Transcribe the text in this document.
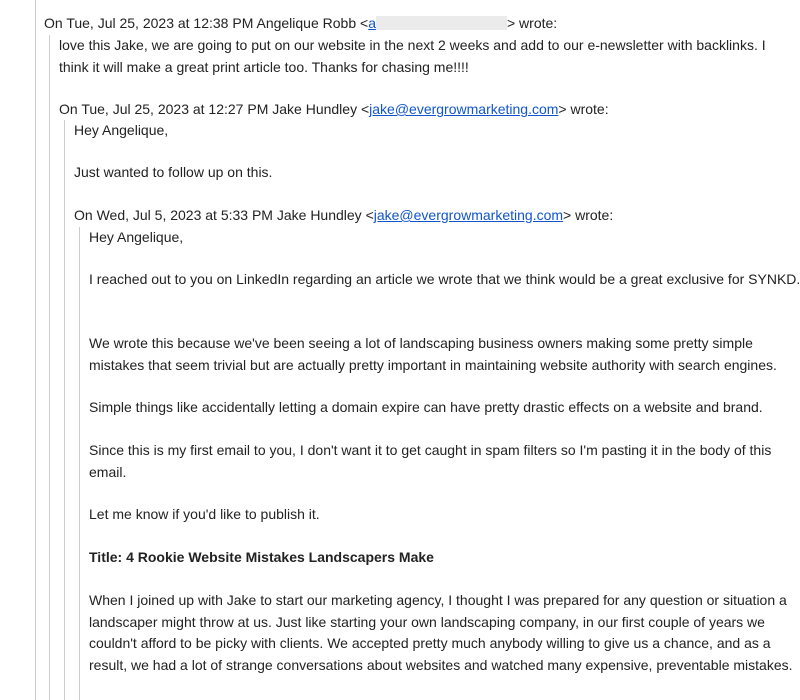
On Tue, Jul 25, 2023 at 12:38 PM Angelique Robb <a	> wrote:

love this Jake, we are going to put on our website in the next 2 weeks and add to our e-newsletter with backlinks. I think it will make a great print article too. Thanks for chasing me!!!!

On Tue, Jul 25, 2023 at 12:27 PM Jake Hundley <jake@evergrowmarketing.com> wrote:

Hey Angelique,

Just wanted to follow up on this.

On Wed, Jul 5, 2023 at 5:33 PM Jake Hundley <jake@evergrowmarketing.com> wrote:

Hey Angelique,

I reached out to you on LinkedIn regarding an article we wrote that we think would be a great exclusive for SYNKD.

We wrote this because we've been seeing a lot of landscaping business owners making some pretty simple mistakes that seem trivial but are actually pretty important in maintaining website authority with search engines.

Simple things like accidentally letting a domain expire can have pretty drastic effects on a website and brand.

Since this is my first email to you, I don't want it to get caught in spam filters so I'm pasting it in the body of this email.

Let me know if you'd like to publish it.

Title: 4 Rookie Website Mistakes Landscapers Make

When I joined up with Jake to start our marketing agency, I thought I was prepared for any question or situation a landscaper might throw at us. Just like starting your own landscaping company, in our first couple of years we couldn't afford to be picky with clients. We accepted pretty much anybody willing to give us a chance, and as a result, we had a lot of strange conversations about websites and watched many expensive, preventable mistakes.
